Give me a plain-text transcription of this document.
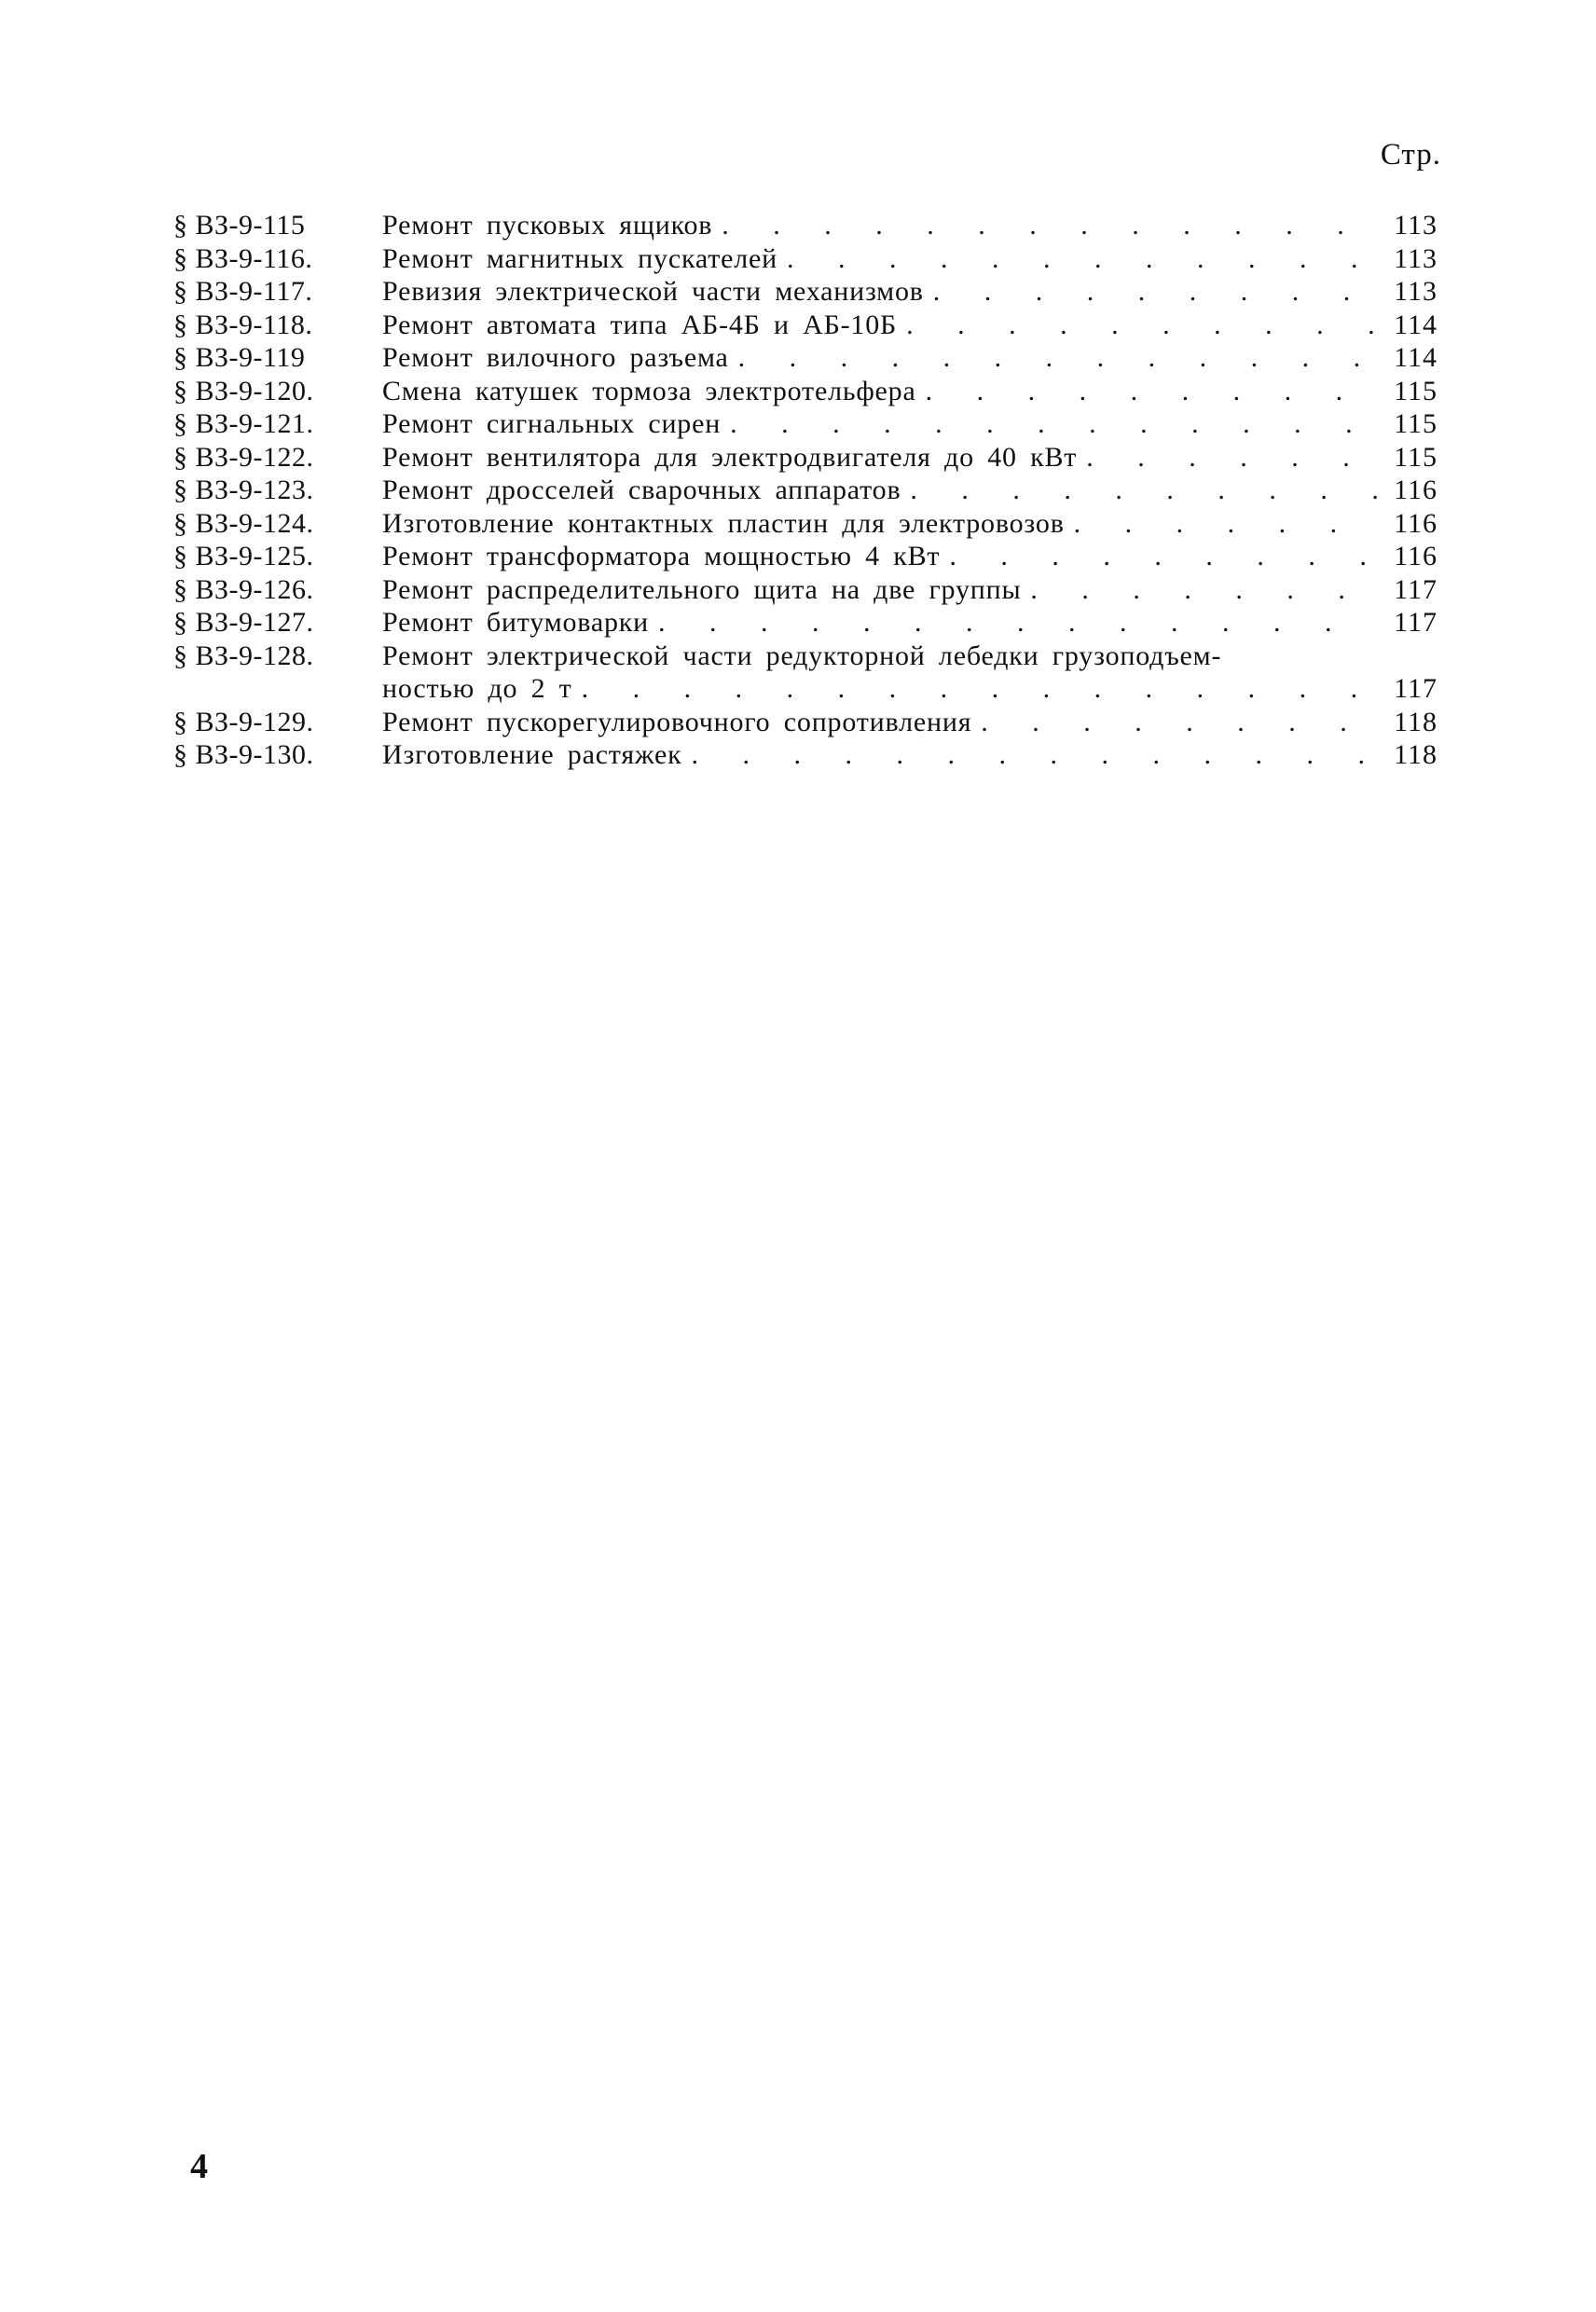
Стр.
§ ВЗ-9-115	Ремонт пусковых ящиков . . .	113
§ ВЗ-9-116.	Ремонт магнитных пускателей . . .	113
§ ВЗ-9-117.	Ревизия электрической части механизмов . . .	113
§ ВЗ-9-118.	Ремонт автомата типа АБ-4Б и АБ-10Б . . .	114
§ ВЗ-9-119	Ремонт вилочного разъема . . .	114
§ ВЗ-9-120.	Смена катушек тормоза электротельфера . . .	115
§ ВЗ-9-121.	Ремонт сигнальных сирен . . .	115
§ ВЗ-9-122.	Ремонт вентилятора для электродвигателя до 40 кВт . . .	115
§ ВЗ-9-123.	Ремонт дросселей сварочных аппаратов . . .	116
§ ВЗ-9-124.	Изготовление контактных пластин для электровозов . . .	116
§ ВЗ-9-125.	Ремонт трансформатора мощностью 4 кВт . . .	116
§ ВЗ-9-126.	Ремонт распределительного щита на две группы . . .	117
§ ВЗ-9-127.	Ремонт битумоварки . . .	117
§ ВЗ-9-128.	Ремонт электрической части редукторной лебедки грузоподъем-
ностью до 2 т . . .	117
§ ВЗ-9-129.	Ремонт пускорегулировочного сопротивления . . .	118
§ ВЗ-9-130.	Изготовление растяжек . . .	118
4
